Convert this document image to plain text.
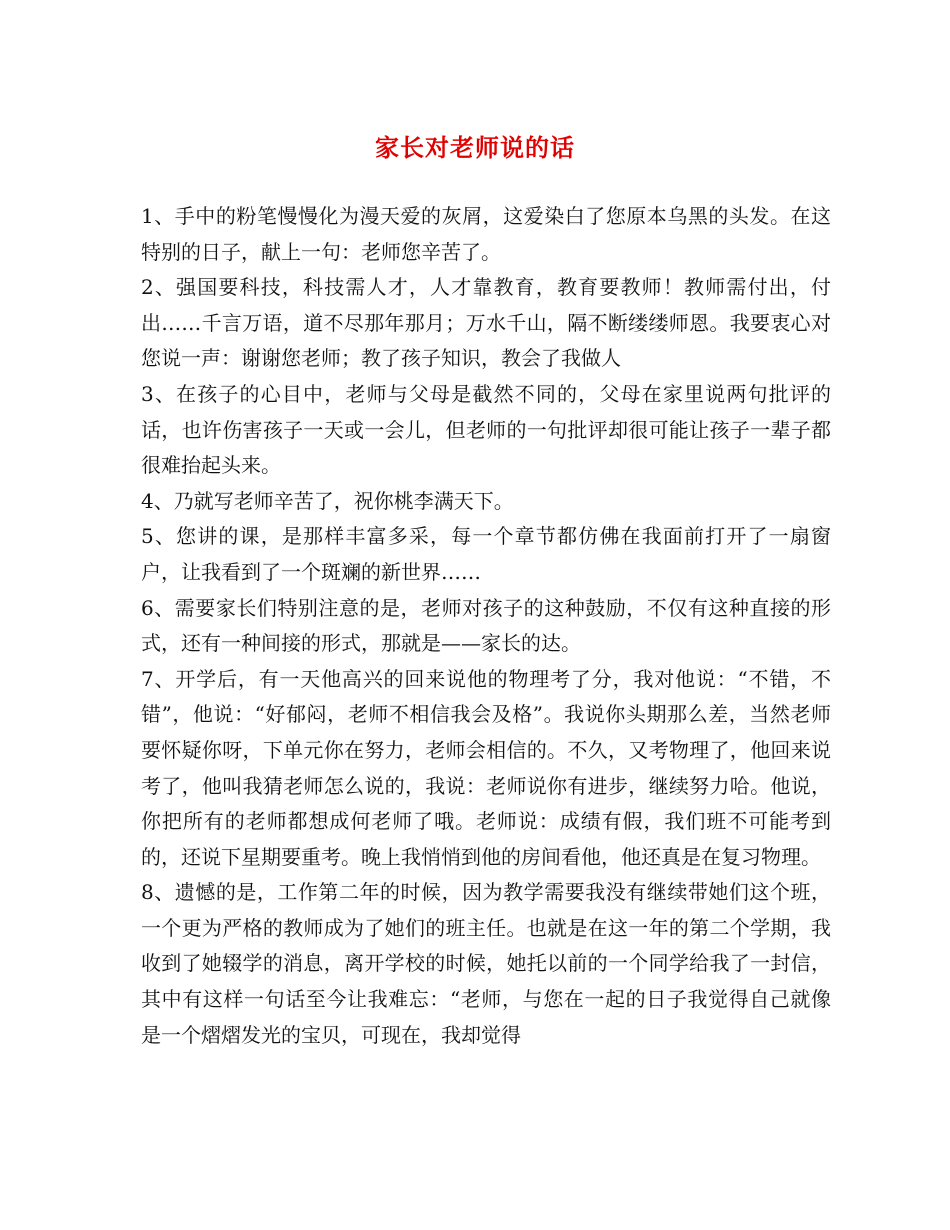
家长对老师说的话

1、手中的粉笔慢慢化为漫天爱的灰屑，这爱染白了您原本乌黑的头发。在这特别的日子，献上一句：老师您辛苦了。

2、强国要科技，科技需人才，人才靠教育，教育要教师！教师需付出，付出……千言万语，道不尽那年那月；万水千山，隔不断缕缕师恩。我要衷心对您说一声：谢谢您老师；教了孩子知识，教会了我做人

3、在孩子的心目中，老师与父母是截然不同的，父母在家里说两句批评的话，也许伤害孩子一天或一会儿，但老师的一句批评却很可能让孩子一辈子都很难抬起头来。

4、乃就写老师辛苦了，祝你桃李满天下。

5、您讲的课，是那样丰富多采，每一个章节都仿佛在我面前打开了一扇窗户，让我看到了一个斑斓的新世界……

6、需要家长们特别注意的是，老师对孩子的这种鼓励，不仅有这种直接的形式，还有一种间接的形式，那就是——家长的达。

7、开学后，有一天他高兴的回来说他的物理考了分，我对他说：“不错，不错”，他说：“好郁闷，老师不相信我会及格”。我说你头期那么差，当然老师要怀疑你呀，下单元你在努力，老师会相信的。不久，又考物理了，他回来说考了，他叫我猜老师怎么说的，我说：老师说你有进步，继续努力哈。他说，你把所有的老师都想成何老师了哦。老师说：成绩有假，我们班不可能考到的，还说下星期要重考。晚上我悄悄到他的房间看他，他还真是在复习物理。

8、遗憾的是，工作第二年的时候，因为教学需要我没有继续带她们这个班，一个更为严格的教师成为了她们的班主任。也就是在这一年的第二个学期，我收到了她辍学的消息，离开学校的时候，她托以前的一个同学给我了一封信，其中有这样一句话至今让我难忘：“老师，与您在一起的日子我觉得自己就像是一个熠熠发光的宝贝，可现在，我却觉得
